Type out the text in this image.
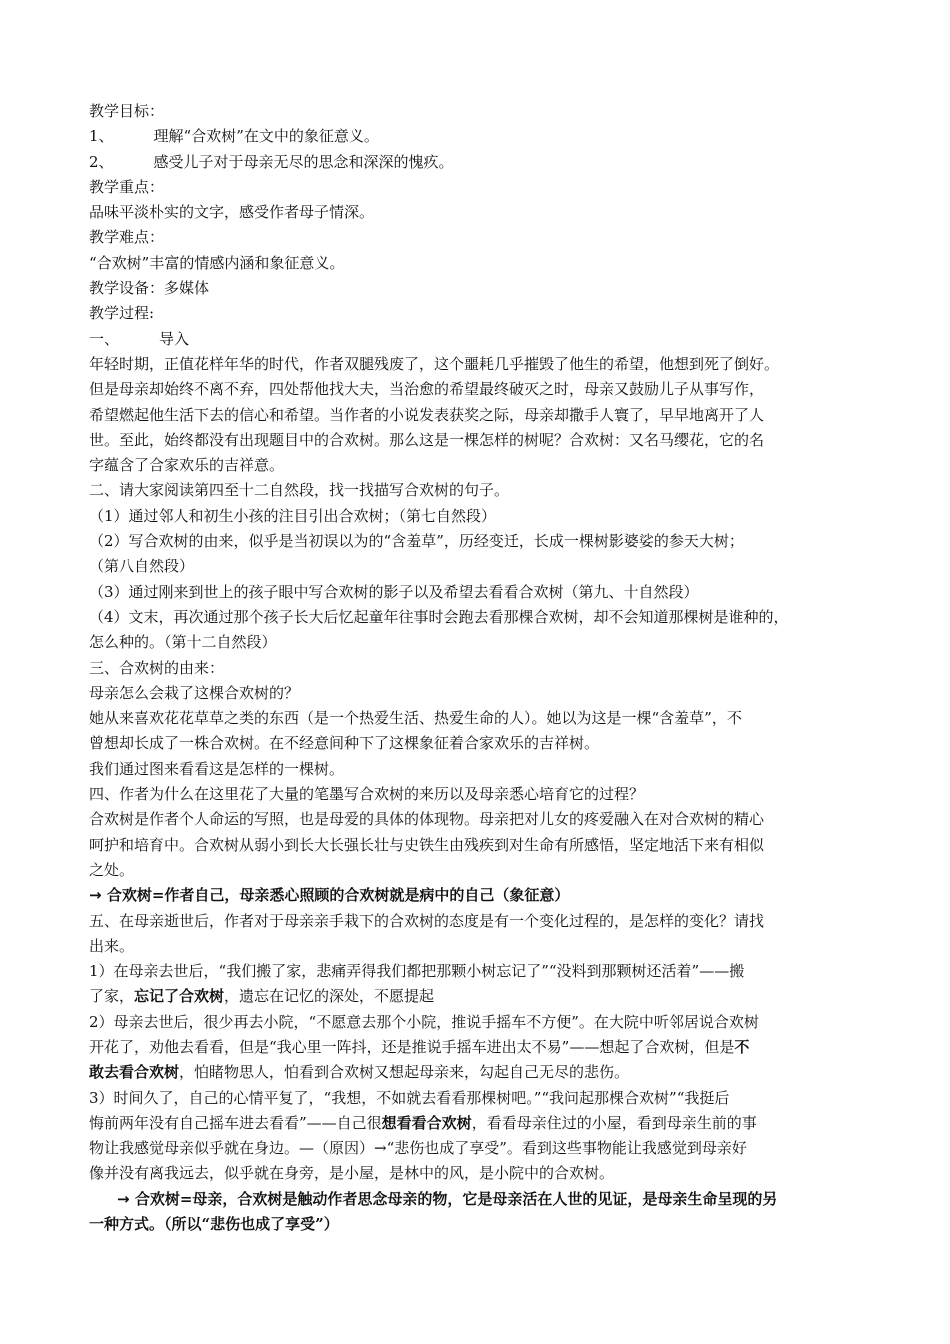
教学目标：
1、	理解“合欢树”在文中的象征意义。
2、	感受儿子对于母亲无尽的思念和深深的愧疚。
教学重点：
品味平淡朴实的文字，感受作者母子情深。
教学难点：
“合欢树”丰富的情感内涵和象征意义。
教学设备：多媒体
教学过程:
一、	导入
年轻时期，正值花样年华的时代，作者双腿残废了，这个噩耗几乎摧毁了他生的希望，他想到死了倒好。
但是母亲却始终不离不弃，四处帮他找大夫，当治愈的希望最终破灭之时，母亲又鼓励儿子从事写作，
希望燃起他生活下去的信心和希望。当作者的小说发表获奖之际，母亲却撒手人寰了，早早地离开了人
世。至此，始终都没有出现题目中的合欢树。那么这是一棵怎样的树呢？合欢树：又名马缨花，它的名
字蕴含了合家欢乐的吉祥意。
二、请大家阅读第四至十二自然段，找一找描写合欢树的句子。
（1）通过邻人和初生小孩的注目引出合欢树；（第七自然段）
（2）写合欢树的由来，似乎是当初误以为的“含羞草”，历经变迁，长成一棵树影婆娑的参天大树；
（第八自然段）
（3）通过刚来到世上的孩子眼中写合欢树的影子以及希望去看看合欢树（第九、十自然段）
（4）文末，再次通过那个孩子长大后忆起童年往事时会跑去看那棵合欢树，却不会知道那棵树是谁种的，
怎么种的。（第十二自然段）
三、合欢树的由来：
母亲怎么会栽了这棵合欢树的？
她从来喜欢花花草草之类的东西（是一个热爱生活、热爱生命的人）。她以为这是一棵“含羞草”，不
曾想却长成了一株合欢树。在不经意间种下了这棵象征着合家欢乐的吉祥树。
我们通过图来看看这是怎样的一棵树。
四、作者为什么在这里花了大量的笔墨写合欢树的来历以及母亲悉心培育它的过程？
合欢树是作者个人命运的写照，也是母爱的具体的体现物。母亲把对儿女的疼爱融入在对合欢树的精心
呵护和培育中。合欢树从弱小到长大长强长壮与史铁生由残疾到对生命有所感悟，坚定地活下来有相似
之处。
→ 合欢树=作者自己，母亲悉心照顾的合欢树就是病中的自己（象征意）
五、在母亲逝世后，作者对于母亲亲手栽下的合欢树的态度是有一个变化过程的，是怎样的变化？请找
出来。
1）在母亲去世后，“我们搬了家，悲痛弄得我们都把那颗小树忘记了”“没料到那颗树还活着”——搬
了家，忘记了合欢树，遗忘在记忆的深处，不愿提起
2）母亲去世后，很少再去小院，“不愿意去那个小院，推说手摇车不方便”。在大院中听邻居说合欢树
开花了，劝他去看看，但是“我心里一阵抖，还是推说手摇车进出太不易”——想起了合欢树，但是不
敢去看合欢树，怕睹物思人，怕看到合欢树又想起母亲来，勾起自己无尽的悲伤。
3）时间久了，自己的心情平复了，“我想，不如就去看看那棵树吧。”“我问起那棵合欢树”“我挺后
悔前两年没有自己摇车进去看看”——自己很想看看合欢树，看看母亲住过的小屋，看到母亲生前的事
物让我感觉母亲似乎就在身边。—（原因）→“悲伤也成了享受”。看到这些事物能让我感觉到母亲好
像并没有离我远去，似乎就在身旁，是小屋，是林中的风，是小院中的合欢树。
→ 合欢树=母亲，合欢树是触动作者思念母亲的物，它是母亲活在人世的见证，是母亲生命呈现的另
一种方式。（所以“悲伤也成了享受”）
